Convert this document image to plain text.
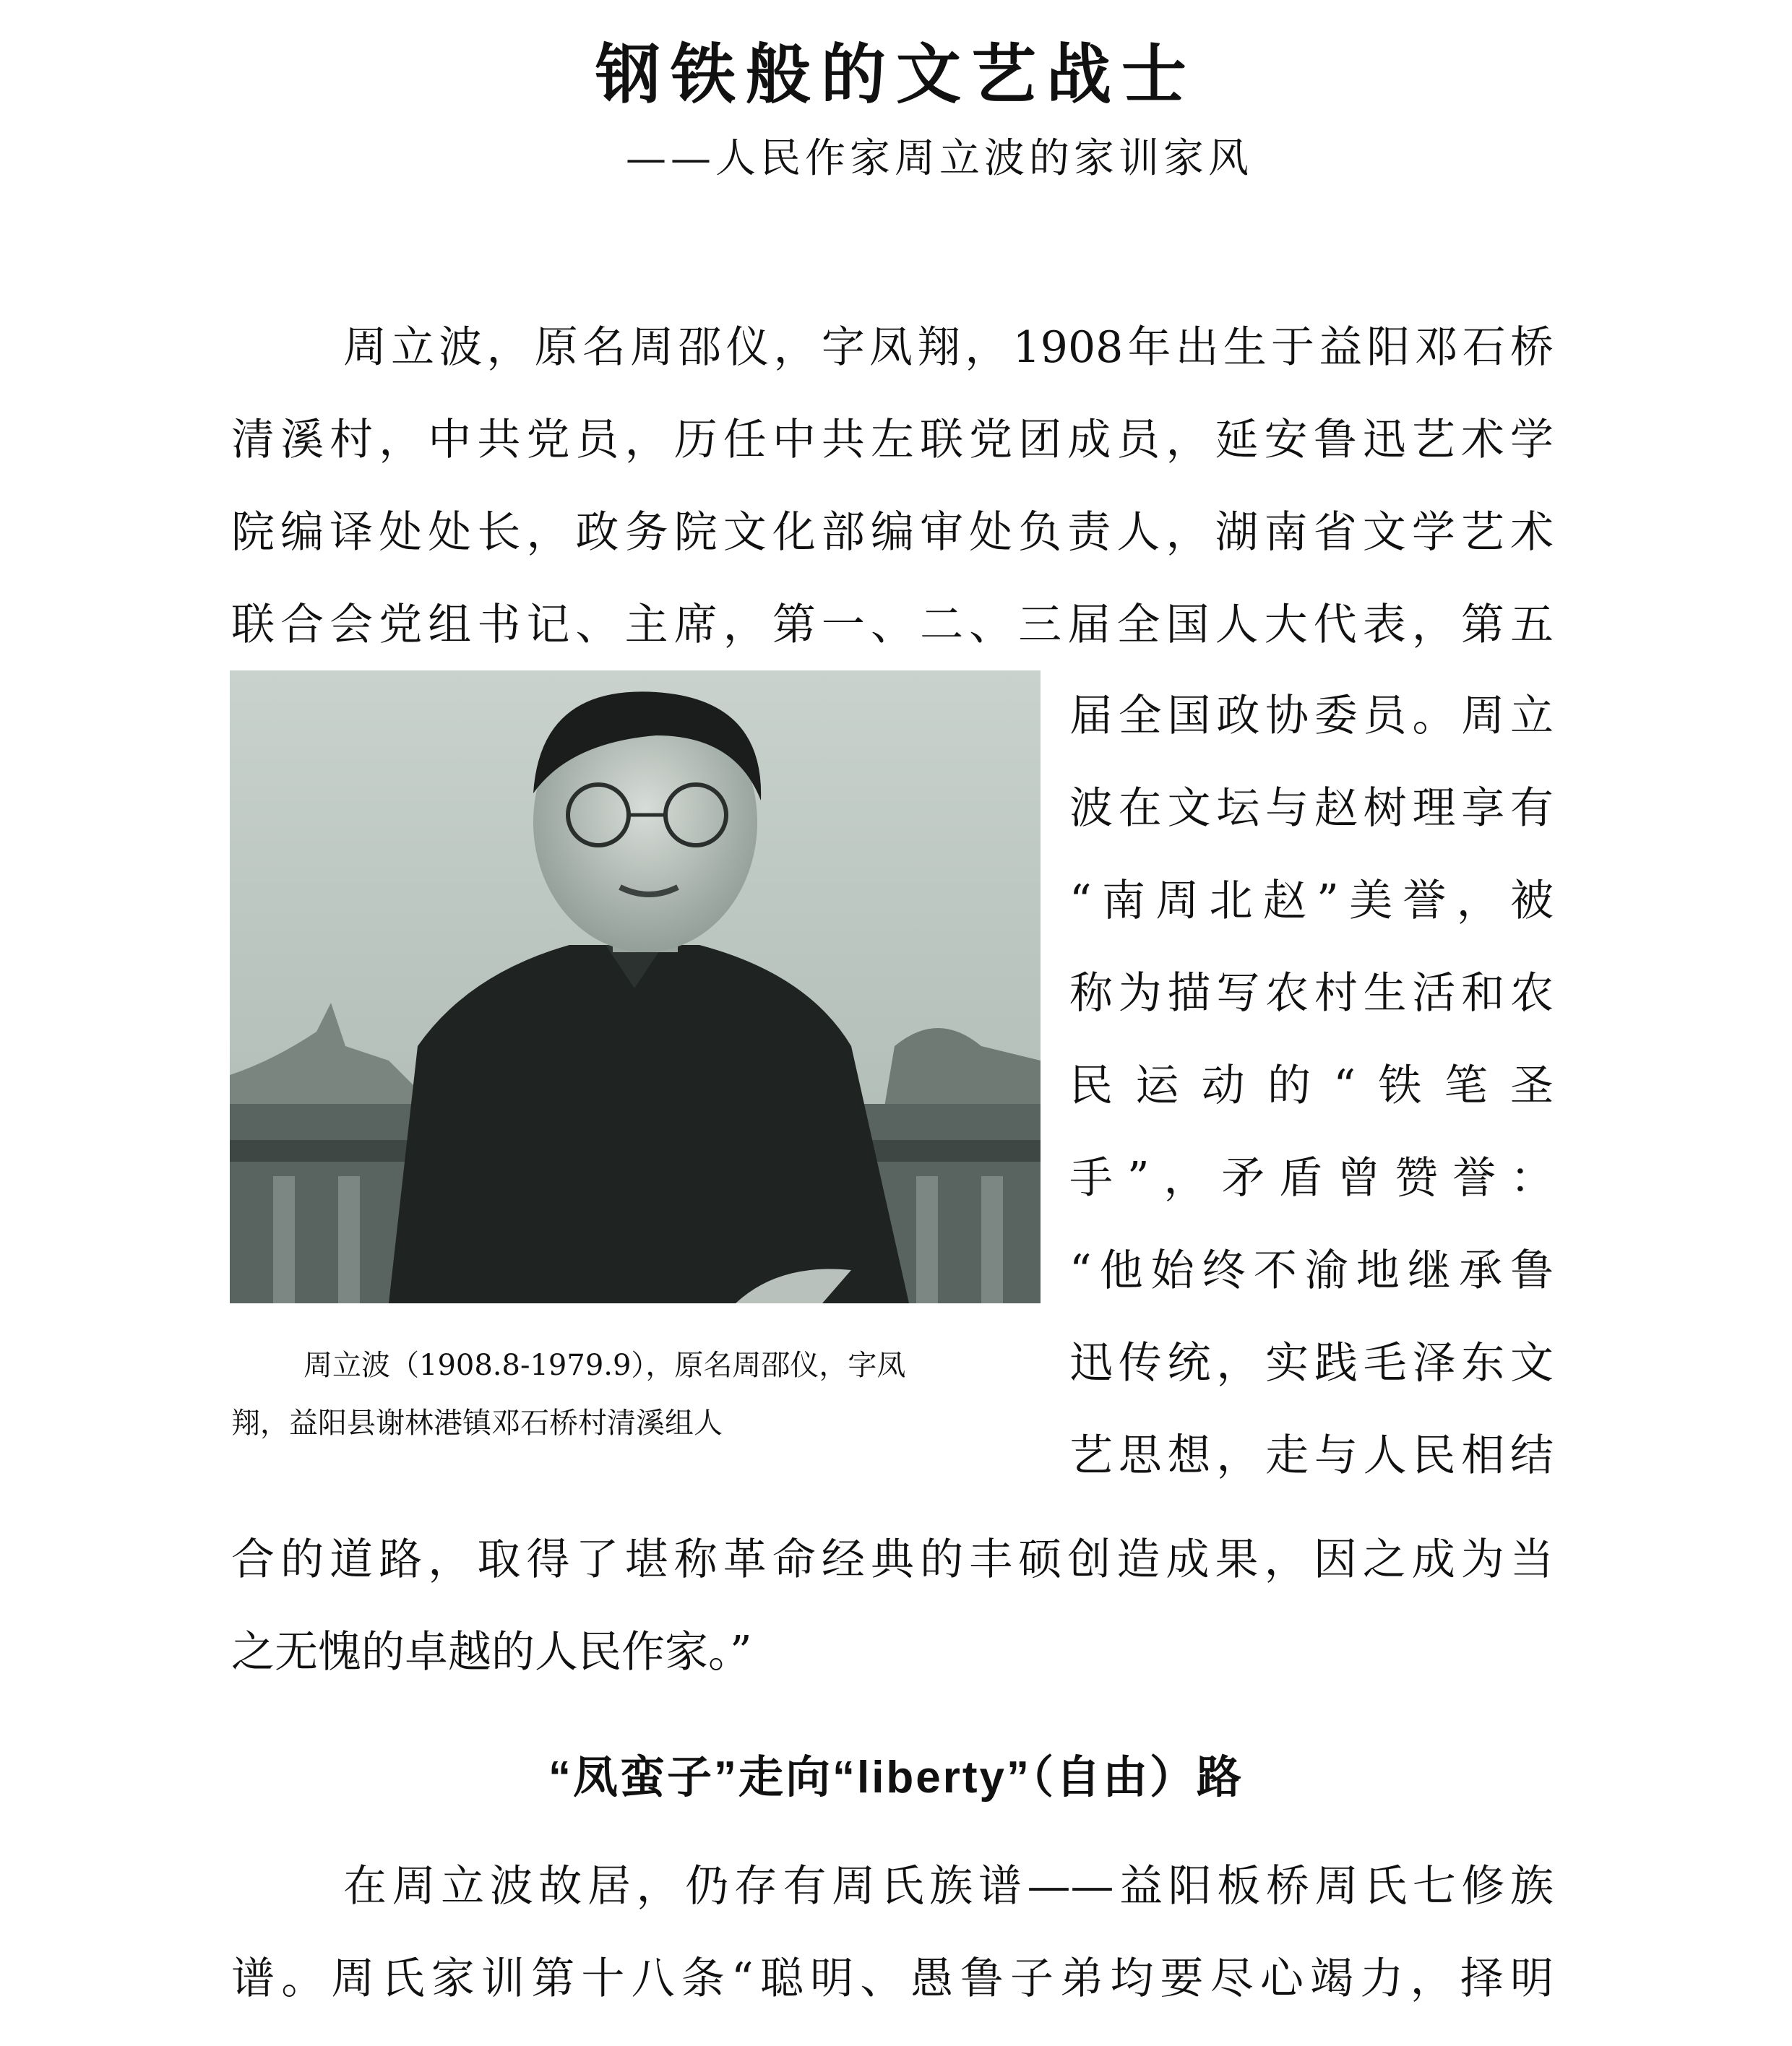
钢铁般的文艺战士
——人民作家周立波的家训家风
周立波，原名周邵仪，字凤翔，1908年出生于益阳邓石桥
清溪村，中共党员，历任中共左联党团成员，延安鲁迅艺术学
院编译处处长，政务院文化部编审处负责人，湖南省文学艺术
联合会党组书记、主席，第一、二、三届全国人大代表，第五
届全国政协委员。周立
波在文坛与赵树理享有
“南周北赵”美誉，被
称为描写农村生活和农
民运动的“铁笔圣
手”，矛盾曾赞誉：
“他始终不渝地继承鲁
迅传统，实践毛泽东文
艺思想，走与人民相结
周立波（1908.8-1979.9），原名周邵仪，字凤
翔，益阳县谢林港镇邓石桥村清溪组人
合的道路，取得了堪称革命经典的丰硕创造成果，因之成为当
之无愧的卓越的人民作家。”
“凤蛮子”走向“liberty”（自由）路
在周立波故居，仍存有周氏族谱——益阳板桥周氏七修族
谱。周氏家训第十八条“聪明、愚鲁子弟均要尽心竭力，择明
